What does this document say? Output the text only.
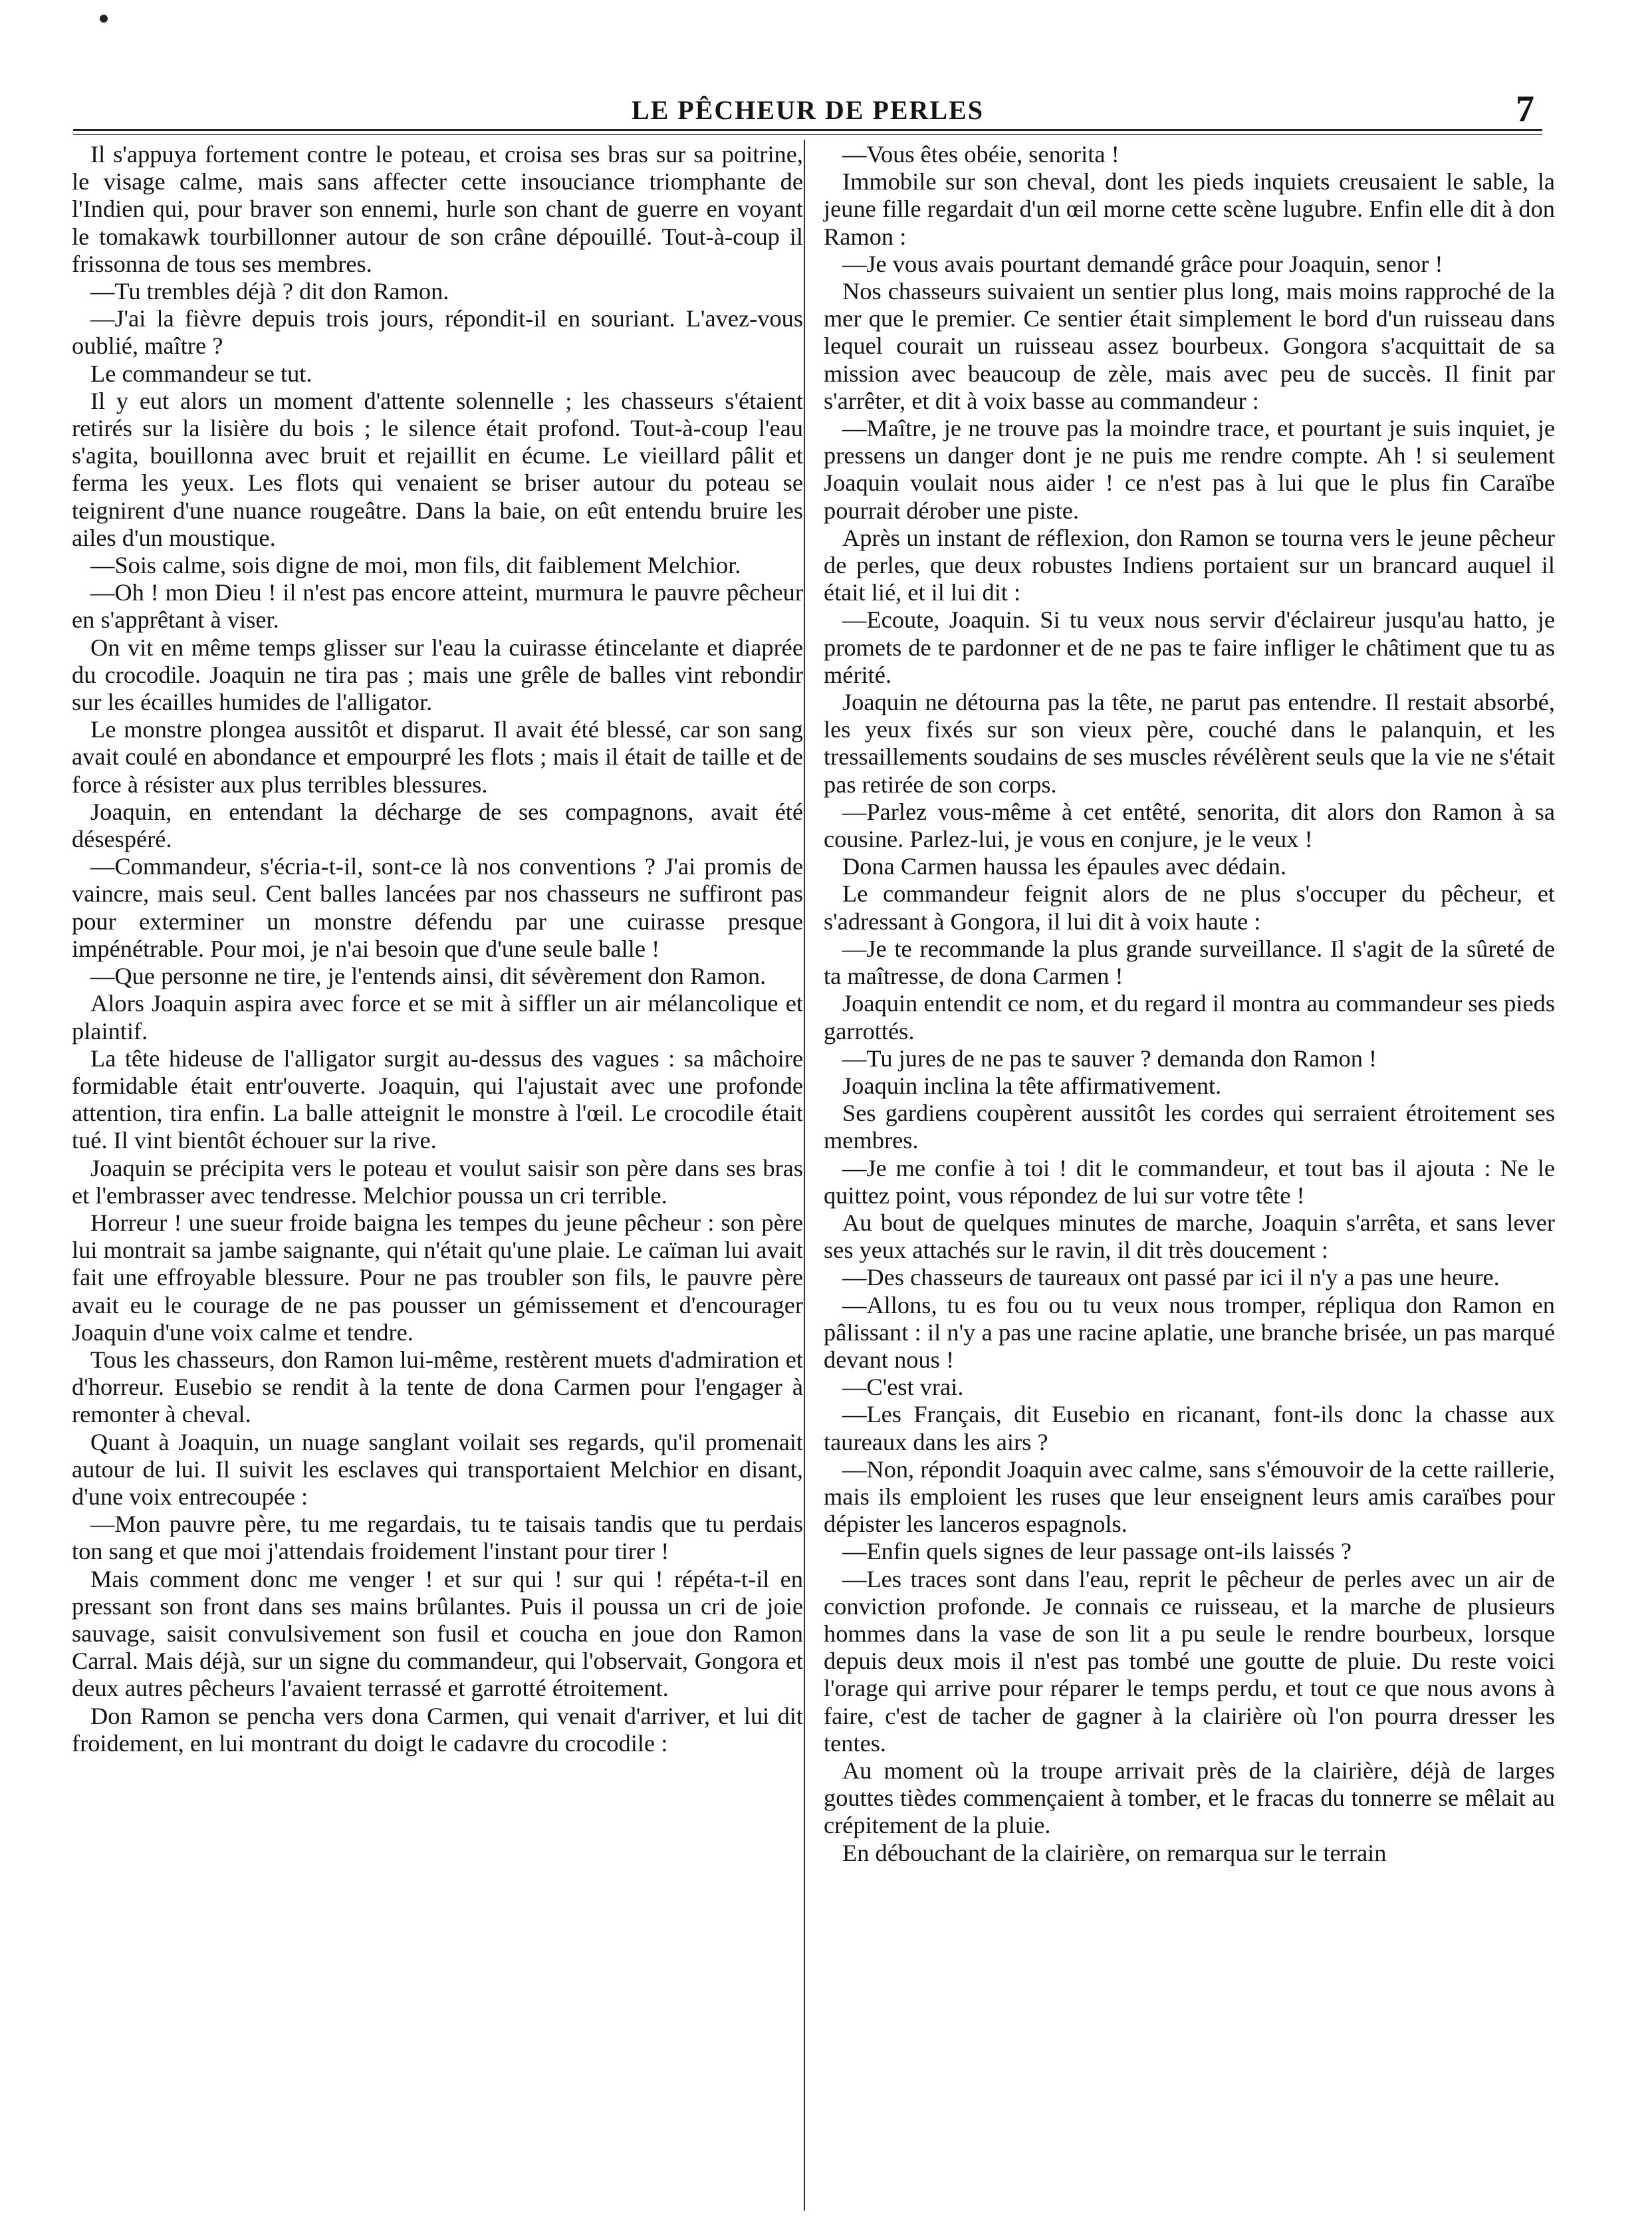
LE PÊCHEUR DE PERLES	7

Il s'appuya fortement contre le poteau, et croisa ses bras sur sa poitrine, le visage calme, mais sans affecter cette insouciance triomphante de l'Indien qui, pour braver son ennemi, hurle son chant de guerre en voyant le tomakawk tourbillonner autour de son crâne dépouillé. Tout-à-coup il frissonna de tous ses membres.

—Tu trembles déjà ? dit don Ramon.

—J'ai la fièvre depuis trois jours, répondit-il en souriant. L'avez-vous oublié, maître ?

Le commandeur se tut.

Il y eut alors un moment d'attente solennelle ; les chasseurs s'étaient retirés sur la lisière du bois ; le silence était profond. Tout-à-coup l'eau s'agita, bouillonna avec bruit et rejaillit en écume. Le vieillard pâlit et ferma les yeux. Les flots qui venaient se briser autour du poteau se teignirent d'une nuance rougeâtre. Dans la baie, on eût entendu bruire les ailes d'un moustique.

—Sois calme, sois digne de moi, mon fils, dit faiblement Melchior.

—Oh ! mon Dieu ! il n'est pas encore atteint, murmura le pauvre pêcheur en s'apprêtant à viser.

On vit en même temps glisser sur l'eau la cuirasse étincelante et diaprée du crocodile. Joaquin ne tira pas ; mais une grêle de balles vint rebondir sur les écailles humides de l'alligator.

Le monstre plongea aussitôt et disparut. Il avait été blessé, car son sang avait coulé en abondance et empourpré les flots ; mais il était de taille et de force à résister aux plus terribles blessures.

Joaquin, en entendant la décharge de ses compagnons, avait été désespéré.

—Commandeur, s'écria-t-il, sont-ce là nos conventions ? J'ai promis de vaincre, mais seul. Cent balles lancées par nos chasseurs ne suffiront pas pour exterminer un monstre défendu par une cuirasse presque impénétrable. Pour moi, je n'ai besoin que d'une seule balle !

—Que personne ne tire, je l'entends ainsi, dit sévèrement don Ramon.

Alors Joaquin aspira avec force et se mit à siffler un air mélancolique et plaintif.

La tête hideuse de l'alligator surgit au-dessus des vagues : sa mâchoire formidable était entr'ouverte. Joaquin, qui l'ajustait avec une profonde attention, tira enfin. La balle atteignit le monstre à l'œil. Le crocodile était tué. Il vint bientôt échouer sur la rive.

Joaquin se précipita vers le poteau et voulut saisir son père dans ses bras et l'embrasser avec tendresse. Melchior poussa un cri terrible.

Horreur ! une sueur froide baigna les tempes du jeune pêcheur : son père lui montrait sa jambe saignante, qui n'était qu'une plaie. Le caïman lui avait fait une effroyable blessure. Pour ne pas troubler son fils, le pauvre père avait eu le courage de ne pas pousser un gémissement et d'encourager Joaquin d'une voix calme et tendre.

Tous les chasseurs, don Ramon lui-même, restèrent muets d'admiration et d'horreur. Eusebio se rendit à la tente de dona Carmen pour l'engager à remonter à cheval.

Quant à Joaquin, un nuage sanglant voilait ses regards, qu'il promenait autour de lui. Il suivit les esclaves qui transportaient Melchior en disant, d'une voix entrecoupée :

—Mon pauvre père, tu me regardais, tu te taisais tandis que tu perdais ton sang et que moi j'attendais froidement l'instant pour tirer !

Mais comment donc me venger ! et sur qui ! sur qui ! répéta-t-il en pressant son front dans ses mains brûlantes. Puis il poussa un cri de joie sauvage, saisit convulsivement son fusil et coucha en joue don Ramon Carral. Mais déjà, sur un signe du commandeur, qui l'observait, Gongora et deux autres pêcheurs l'avaient terrassé et garrotté étroitement.

Don Ramon se pencha vers dona Carmen, qui venait d'arriver, et lui dit froidement, en lui montrant du doigt le cadavre du crocodile :

—Vous êtes obéie, senorita !

Immobile sur son cheval, dont les pieds inquiets creusaient le sable, la jeune fille regardait d'un œil morne cette scène lugubre. Enfin elle dit à don Ramon :

—Je vous avais pourtant demandé grâce pour Joaquin, senor !

Nos chasseurs suivaient un sentier plus long, mais moins rapproché de la mer que le premier. Ce sentier était simplement le bord d'un ruisseau dans lequel courait un ruisseau assez bourbeux. Gongora s'acquittait de sa mission avec beaucoup de zèle, mais avec peu de succès. Il finit par s'arrêter, et dit à voix basse au commandeur :

—Maître, je ne trouve pas la moindre trace, et pourtant je suis inquiet, je pressens un danger dont je ne puis me rendre compte. Ah ! si seulement Joaquin voulait nous aider ! ce n'est pas à lui que le plus fin Caraïbe pourrait dérober une piste.

Après un instant de réflexion, don Ramon se tourna vers le jeune pêcheur de perles, que deux robustes Indiens portaient sur un brancard auquel il était lié, et il lui dit :

—Ecoute, Joaquin. Si tu veux nous servir d'éclaireur jusqu'au hatto, je promets de te pardonner et de ne pas te faire infliger le châtiment que tu as mérité.

Joaquin ne détourna pas la tête, ne parut pas entendre. Il restait absorbé, les yeux fixés sur son vieux père, couché dans le palanquin, et les tressaillements soudains de ses muscles révélèrent seuls que la vie ne s'était pas retirée de son corps.

—Parlez vous-même à cet entêté, senorita, dit alors don Ramon à sa cousine. Parlez-lui, je vous en conjure, je le veux !

Dona Carmen haussa les épaules avec dédain.

Le commandeur feignit alors de ne plus s'occuper du pêcheur, et s'adressant à Gongora, il lui dit à voix haute :

—Je te recommande la plus grande surveillance. Il s'agit de la sûreté de ta maîtresse, de dona Carmen !

Joaquin entendit ce nom, et du regard il montra au commandeur ses pieds garrottés.

—Tu jures de ne pas te sauver ? demanda don Ramon !

Joaquin inclina la tête affirmativement.

Ses gardiens coupèrent aussitôt les cordes qui serraient étroitement ses membres.

—Je me confie à toi ! dit le commandeur, et tout bas il ajouta : Ne le quittez point, vous répondez de lui sur votre tête !

Au bout de quelques minutes de marche, Joaquin s'arrêta, et sans lever ses yeux attachés sur le ravin, il dit très doucement :

—Des chasseurs de taureaux ont passé par ici il n'y a pas une heure.

—Allons, tu es fou ou tu veux nous tromper, répliqua don Ramon en pâlissant : il n'y a pas une racine aplatie, une branche brisée, un pas marqué devant nous !

—C'est vrai.

—Les Français, dit Eusebio en ricanant, font-ils donc la chasse aux taureaux dans les airs ?

—Non, répondit Joaquin avec calme, sans s'émouvoir de la cette raillerie, mais ils emploient les ruses que leur enseignent leurs amis caraïbes pour dépister les lanceros espagnols.

—Enfin quels signes de leur passage ont-ils laissés ?

—Les traces sont dans l'eau, reprit le pêcheur de perles avec un air de conviction profonde. Je connais ce ruisseau, et la marche de plusieurs hommes dans la vase de son lit a pu seule le rendre bourbeux, lorsque depuis deux mois il n'est pas tombé une goutte de pluie. Du reste voici l'orage qui arrive pour réparer le temps perdu, et tout ce que nous avons à faire, c'est de tacher de gagner à la clairière où l'on pourra dresser les tentes.

Au moment où la troupe arrivait près de la clairière, déjà de larges gouttes tièdes commençaient à tomber, et le fracas du tonnerre se mêlait au crépitement de la pluie.

En débouchant de la clairière, on remarqua sur le terrain
